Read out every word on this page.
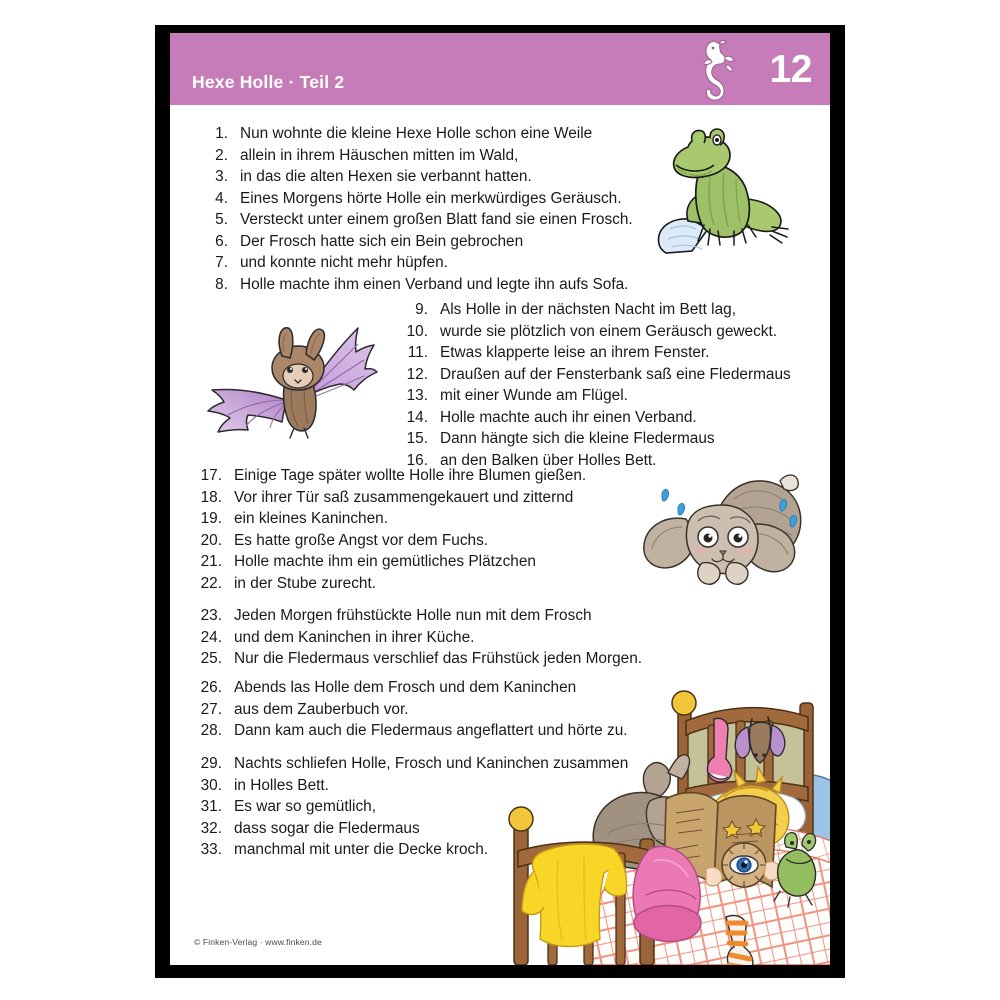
Hexe Holle · Teil 2	12
1. Nun wohnte die kleine Hexe Holle schon eine Weile
2. allein in ihrem Häuschen mitten im Wald,
3. in das die alten Hexen sie verbannt hatten.
4. Eines Morgens hörte Holle ein merkwürdiges Geräusch.
5. Versteckt unter einem großen Blatt fand sie einen Frosch.
6. Der Frosch hatte sich ein Bein gebrochen
7. und konnte nicht mehr hüpfen.
8. Holle machte ihm einen Verband und legte ihn aufs Sofa.
9. Als Holle in der nächsten Nacht im Bett lag,
10. wurde sie plötzlich von einem Geräusch geweckt.
11. Etwas klapperte leise an ihrem Fenster.
12. Draußen auf der Fensterbank saß eine Fledermaus
13. mit einer Wunde am Flügel.
14. Holle machte auch ihr einen Verband.
15. Dann hängte sich die kleine Fledermaus
16. an den Balken über Holles Bett.
17. Einige Tage später wollte Holle ihre Blumen gießen.
18. Vor ihrer Tür saß zusammengekauert und zitternd
19. ein kleines Kaninchen.
20. Es hatte große Angst vor dem Fuchs.
21. Holle machte ihm ein gemütliches Plätzchen
22. in der Stube zurecht.
23. Jeden Morgen frühstückte Holle nun mit dem Frosch
24. und dem Kaninchen in ihrer Küche.
25. Nur die Fledermaus verschlief das Frühstück jeden Morgen.
26. Abends las Holle dem Frosch und dem Kaninchen
27. aus dem Zauberbuch vor.
28. Dann kam auch die Fledermaus angeflattert und hörte zu.
29. Nachts schliefen Holle, Frosch und Kaninchen zusammen
30. in Holles Bett.
31. Es war so gemütlich,
32. dass sogar die Fledermaus
33. manchmal mit unter die Decke kroch.
© Finken-Verlag · www.finken.de
